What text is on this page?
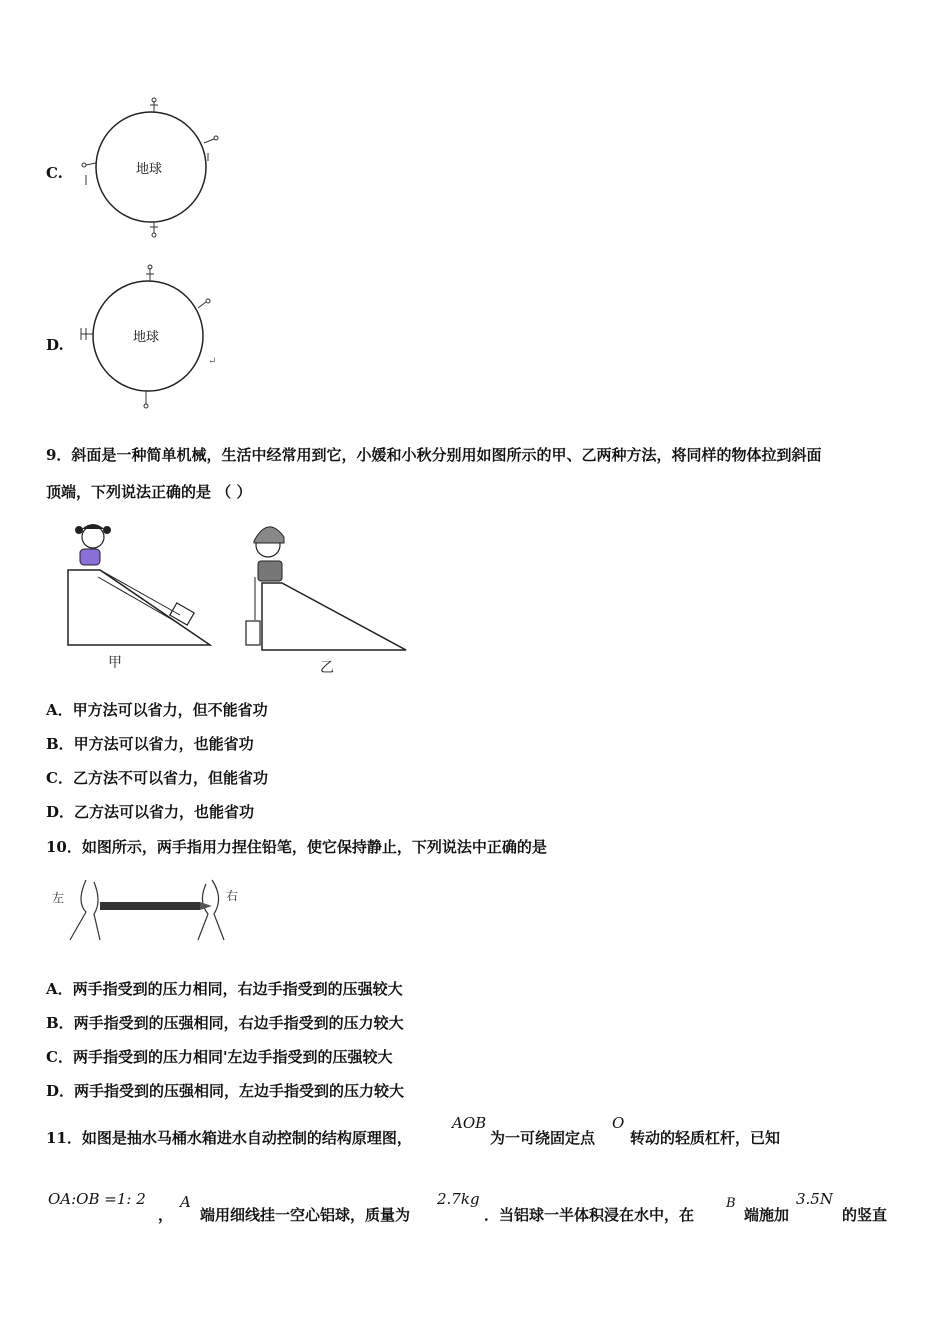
C.	地球
D.	地球
↵
9．斜面是一种简单机械，生活中经常用到它，小媛和小秋分别用如图所示的甲、乙两种方法，将同样的物体拉到斜面
顶端，下列说法正确的是 （ ）
甲	乙
A．甲方法可以省力，但不能省功
B．甲方法可以省力，也能省功
C．乙方法不可以省力，但能省功
D．乙方法可以省力，也能省功
10．如图所示，两手指用力捏住铅笔，使它保持静止，下列说法中正确的是
左	右
A．两手指受到的压力相同，右边手指受到的压强较大
B．两手指受到的压强相同，右边手指受到的压力较大
C．两手指受到的压力相同'左边手指受到的压强较大
D．两手指受到的压强相同，左边手指受到的压力较大
11．如图是抽水马桶水箱进水自动控制的结构原理图，
AOB
为一可绕固定点
O
转动的轻质杠杆，已知
OA:OB =1: 2
，
A
端用细线挂一空心铝球，质量为
2.7kg
．当铝球一半体积浸在水中，在
B
端施加
3.5N
的竖直
